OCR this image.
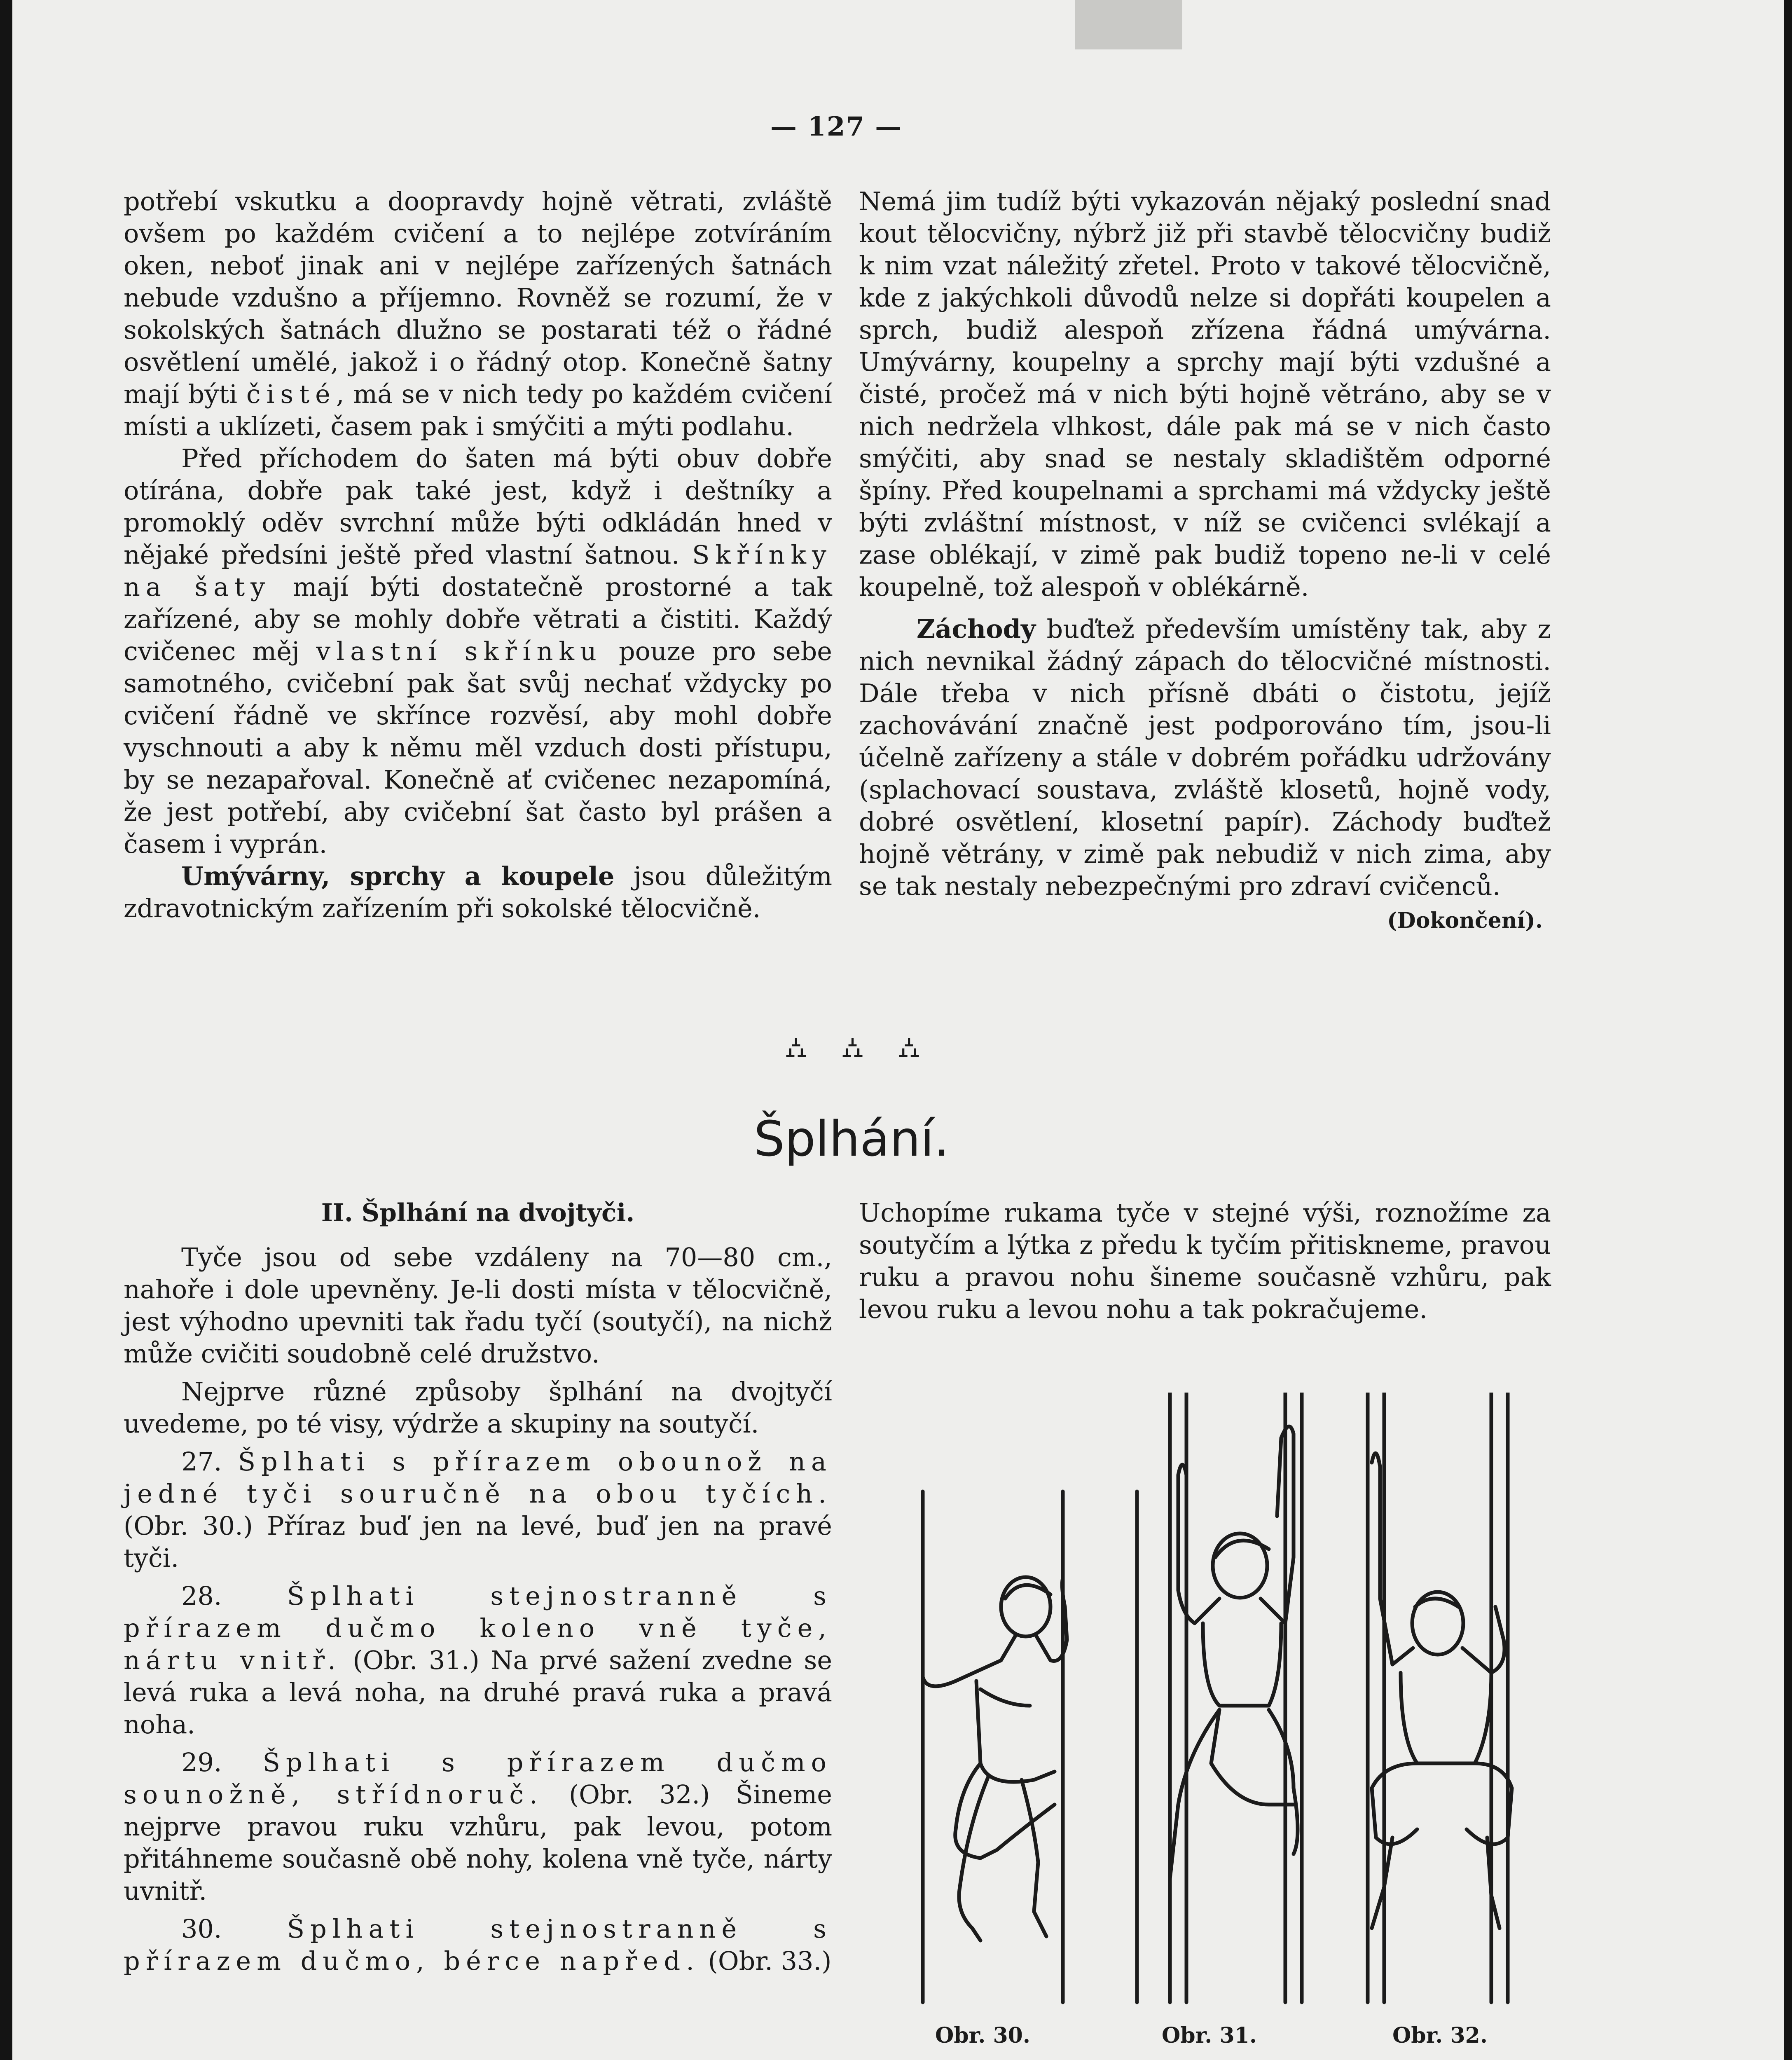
— 127 —

potřebí vskutku a doopravdy hojně větrati, zvláště ovšem po každém cvičení a to nejlépe zotvíráním oken, neboť jinak ani v nejlépe zařízených šatnách nebude vzdušno a příjemno. Rovněž se rozumí, že v sokolských šatnách dlužno se postarati též o řádné osvětlení umělé, jakož i o řádný otop. Konečně šatny mají býti čisté, má se v nich tedy po každém cvičení místi a uklízeti, časem pak i smýčiti a mýti podlahu.

Před příchodem do šaten má býti obuv dobře otírána, dobře pak také jest, když i deštníky a promoklý oděv svrchní může býti odkládán hned v nějaké předsíni ještě před vlastní šatnou. Skřínky na šaty mají býti dostatečně prostorné a tak zařízené, aby se mohly dobře větrati a čistiti. Každý cvičenec měj vlastní skřínku pouze pro sebe samotného, cvičební pak šat svůj nechať vždycky po cvičení řádně ve skřínce rozvěsí, aby mohl dobře vyschnouti a aby k němu měl vzduch dosti přístupu, by se nezapařoval. Konečně ať cvičenec nezapomíná, že jest potřebí, aby cvičební šat často byl prášen a časem i vyprán.

Umývárny, sprchy a koupele jsou důležitým zdravotnickým zařízením při sokolské tělocvičně.

Nemá jim tudíž býti vykazován nějaký poslední snad kout tělocvičny, nýbrž již při stavbě tělocvičny budiž k nim vzat náležitý zřetel. Proto v takové tělocvičně, kde z jakýchkoli důvodů nelze si dopřáti koupelen a sprch, budiž alespoň zřízena řádná umývárna. Umývárny, koupelny a sprchy mají býti vzdušné a čisté, pročež má v nich býti hojně větráno, aby se v nich nedržela vlhkost, dále pak má se v nich často smýčiti, aby snad se nestaly skladištěm odporné špíny. Před koupelnami a sprchami má vždycky ještě býti zvláštní místnost, v níž se cvičenci svlékají a zase oblékají, v zimě pak budiž topeno ne-li v celé koupelně, tož alespoň v oblékárně.

Záchody buďtež především umístěny tak, aby z nich nevnikal žádný zápach do tělocvičné místnosti. Dále třeba v nich přísně dbáti o čistotu, jejíž zachovávání značně jest podporováno tím, jsou-li účelně zařízeny a stále v dobrém pořádku udržovány (splachovací soustava, zvláště klosetů, hojně vody, dobré osvětlení, klosetní papír). Záchody buďtež hojně větrány, v zimě pak nebudiž v nich zima, aby se tak nestaly nebezpečnými pro zdraví cvičenců.

(Dokončení).
⛼ ⛼ ⛼
Šplhání.
II. Šplhání na dvojtyči.

Tyče jsou od sebe vzdáleny na 70—80 cm., nahoře i dole upevněny. Je-li dosti místa v tělocvičně, jest výhodno upevniti tak řadu tyčí (soutyčí), na nichž může cvičiti soudobně celé družstvo.

Nejprve různé způsoby šplhání na dvojtyčí uvedeme, po té visy, výdrže a skupiny na soutyčí.

27. Šplhati s přírazem obounož na jedné tyči souručně na obou tyčích. (Obr. 30.) Příraz buď jen na levé, buď jen na pravé tyči.

28. Šplhati stejnostranně s přírazem dučmo koleno vně tyče, nártu vnitř. (Obr. 31.) Na prvé sažení zvedne se levá ruka a levá noha, na druhé pravá ruka a pravá noha.

29. Šplhati s přírazem dučmo sounožně, střídnoruč. (Obr. 32.) Šineme nejprve pravou ruku vzhůru, pak levou, potom přitáhneme současně obě nohy, kolena vně tyče, nárty uvnitř.

30. Šplhati stejnostranně s přírazem dučmo, bérce napřed. (Obr. 33.)

Uchopíme rukama tyče v stejné výši, roznožíme za soutyčím a lýtka z předu k tyčím přitiskneme, pravou ruku a pravou nohu šineme současně vzhůru, pak levou ruku a levou nohu a tak pokračujeme.

Obr. 30.	Obr. 31.	Obr. 32.
